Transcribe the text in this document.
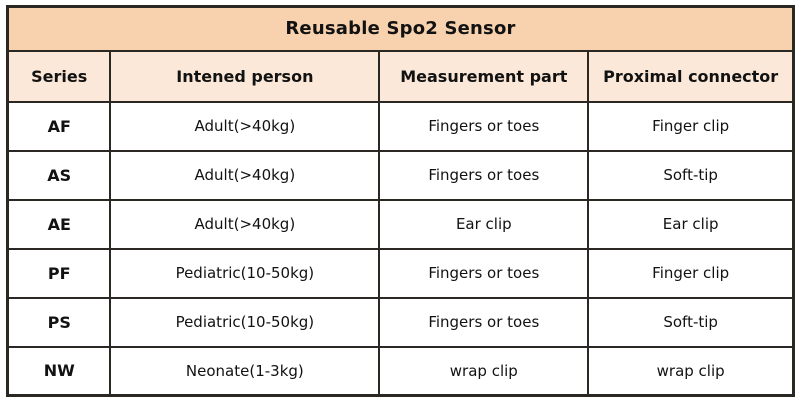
Reusable Spo2 Sensor			
Series	Intened person	Measurement part	Proximal connector
AF	Adult(>40kg)	Fingers or toes	Finger clip
AS	Adult(>40kg)	Fingers or toes	Soft-tip
AE	Adult(>40kg)	Ear clip	Ear clip
PF	Pediatric(10-50kg)	Fingers or toes	Finger clip
PS	Pediatric(10-50kg)	Fingers or toes	Soft-tip
NW	Neonate(1-3kg)	wrap clip	wrap clip
